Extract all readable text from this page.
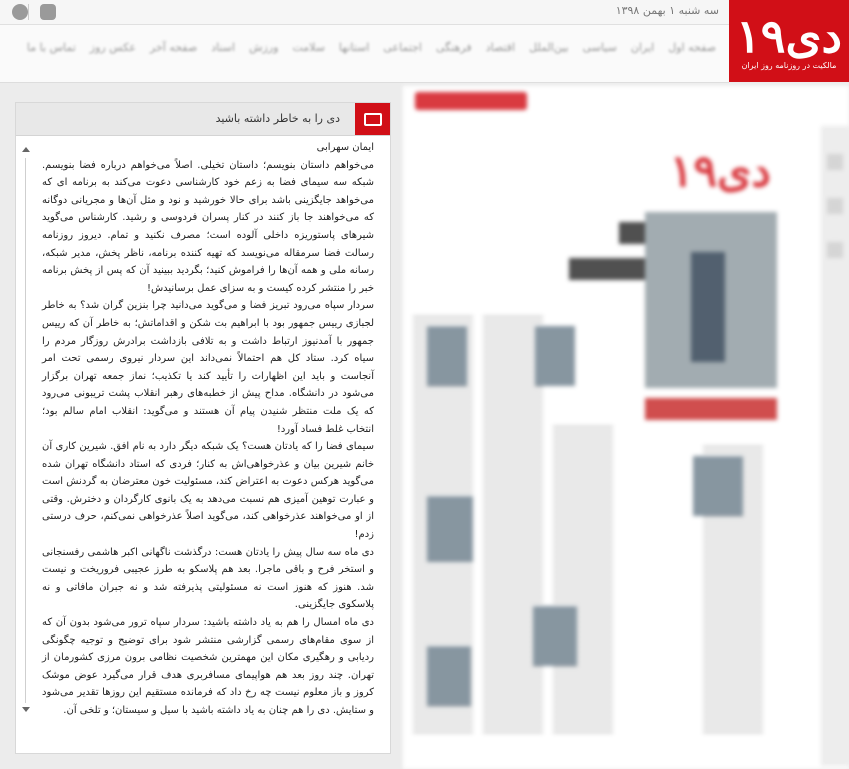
سه شنبه ۱ بهمن ۱۳۹۸ ۱۹دی
مالکیت در روزنامه روز ایران
صفحه اول
ایران
سیاسی
بین‌الملل
اقتصاد
فرهنگی
اجتماعی
استانها
سلامت
ورزش
اسناد
صفحه آخر
عکس روز
تماس با ما
دی را به خاطر داشته باشید

ایمان سهرابی

می‌خواهم داستان بنویسم؛ داستان تخیلی. اصلاً می‌خواهم درباره فضا بنویسم. شبکه سه سیمای فضا به زعم خود کارشناسی دعوت می‌کند به برنامه ای که می‌خواهد جایگزینی باشد برای حالا خورشید و نود و مثل آن‌ها و مجریانی دوگانه که می‌خواهند جا باز کنند در کنار پسران فردوسی و رشید. کارشناس می‌گوید شیرهای پاستوریزه داخلی آلوده است؛ مصرف نکنید و تمام. دیروز روزنامه رسالت فضا سرمقاله می‌نویسد که تهیه کننده برنامه، ناظر پخش، مدیر شبکه، رسانه ملی و همه آن‌ها را فراموش کنید؛ بگردید ببینید آن که پس از پخش برنامه خبر را منتشر کرده کیست و به سزای عمل برسانیدش!

سردار سپاه می‌رود تبریز فضا و می‌گوید می‌دانید چرا بنزین گران شد؟ به خاطر لجبازی رییس جمهور بود با ابراهیم بت شکن و اقداماتش؛ به خاطر آن که رییس جمهور با آمدنیوز ارتباط داشت و به تلافی بازداشت برادرش روزگار مردم را سیاه کرد. ستاد کل هم احتمالاً نمی‌داند این سردار نیروی رسمی تحت امر آنجاست و باید این اظهارات را تأیید کند یا تکذیب؛ نماز جمعه تهران برگزار می‌شود در دانشگاه. مداح پیش از خطبه‌های رهبر انقلاب پشت تریبونی می‌رود که یک ملت منتظر شنیدن پیام آن هستند و می‌گوید: انقلاب امام سالم بود؛ انتخاب غلط فساد آورد!

سیمای فضا را که یادتان هست؟ یک شبکه دیگر دارد به نام افق. شیرین کاری آن خانم شیرین بیان و عذرخواهی‌اش به کنار؛ فردی که استاد دانشگاه تهران شده می‌گوید هرکس دعوت به اعتراض کند، مسئولیت خون معترضان به گردنش است و عبارت توهین آمیزی هم نسبت می‌دهد به یک بانوی کارگردان و دخترش. وقتی از او می‌خواهند عذرخواهی کند، می‌گوید اصلاً عذرخواهی نمی‌کنم، حرف درستی زدم!

دی ماه سه سال پیش را یادتان هست: درگذشت ناگهانی اکبر هاشمی رفسنجانی و استخر فرح و باقی ماجرا. بعد هم پلاسکو به طرز عجیبی فروریخت و نیست شد. هنوز که هنوز است نه مسئولیتی پذیرفته شد و نه جبران مافاتی و نه پلاسکوی جایگزینی.

دی ماه امسال را هم به یاد داشته باشید: سردار سپاه ترور می‌شود بدون آن که از سوی مقام‌های رسمی گزارشی منتشر شود برای توضیح و توجیه چگونگی ردیابی و رهگیری مکان این مهمترین شخصیت نظامی برون مرزی کشورمان از تهران. چند روز بعد هم هواپیمای مسافربری هدف قرار می‌گیرد عوض موشک کروز و باز معلوم نیست چه رخ داد که فرمانده مستقیم این روزها تقدیر می‌شود و ستایش. دی را هم چنان به یاد داشته باشید با سیل و سیستان؛ و تلخی آن.

۱۹دی
